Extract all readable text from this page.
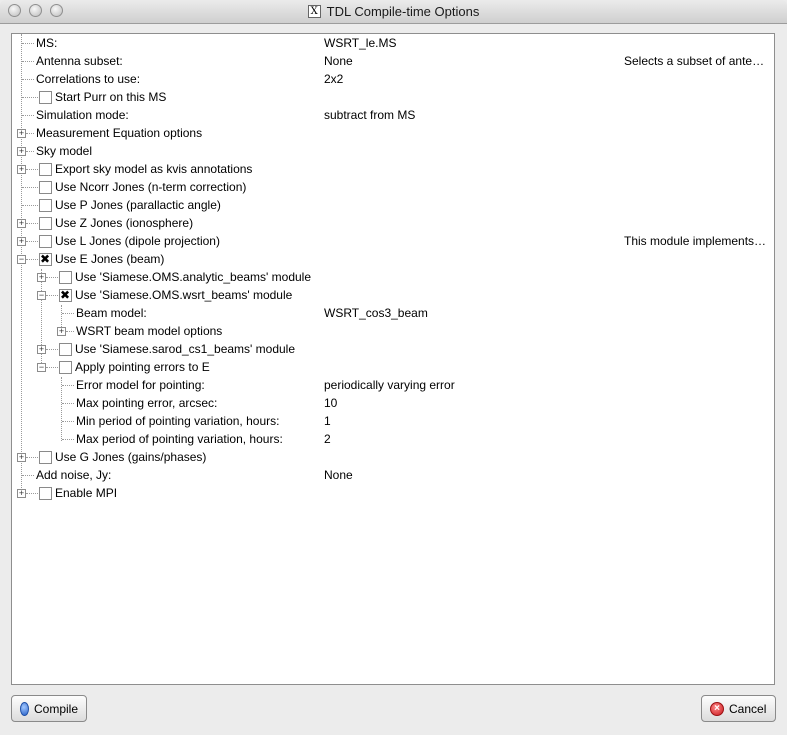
X TDL Compile-time Options
MS:	WSRT_le.MS
Antenna subset:	None	Selects a subset of ante…
Correlations to use:	2x2
Start Purr on this MS
Simulation mode:	subtract from MS
+ Measurement Equation options
+ Sky model
+	Export sky model as kvis annotations
Use Ncorr Jones (n-term correction)
Use P Jones (parallactic angle)
+	Use Z Jones (ionosphere)
+	Use L Jones (dipole projection)	This module implements…
− ✖	Use E Jones (beam)
+	Use 'Siamese.OMS.analytic_beams' module
− ✖	Use 'Siamese.OMS.wsrt_beams' module
Beam model:	WSRT_cos3_beam
+ WSRT beam model options
+	Use 'Siamese.sarod_cs1_beams' module
−	Apply pointing errors to E
Error model for pointing:	periodically varying error
Max pointing error, arcsec:	10
Min period of pointing variation, hours:	1
Max period of pointing variation, hours:	2
+	Use G Jones (gains/phases)
Add noise, Jy:	None
+	Enable MPI
Compile	× Cancel
